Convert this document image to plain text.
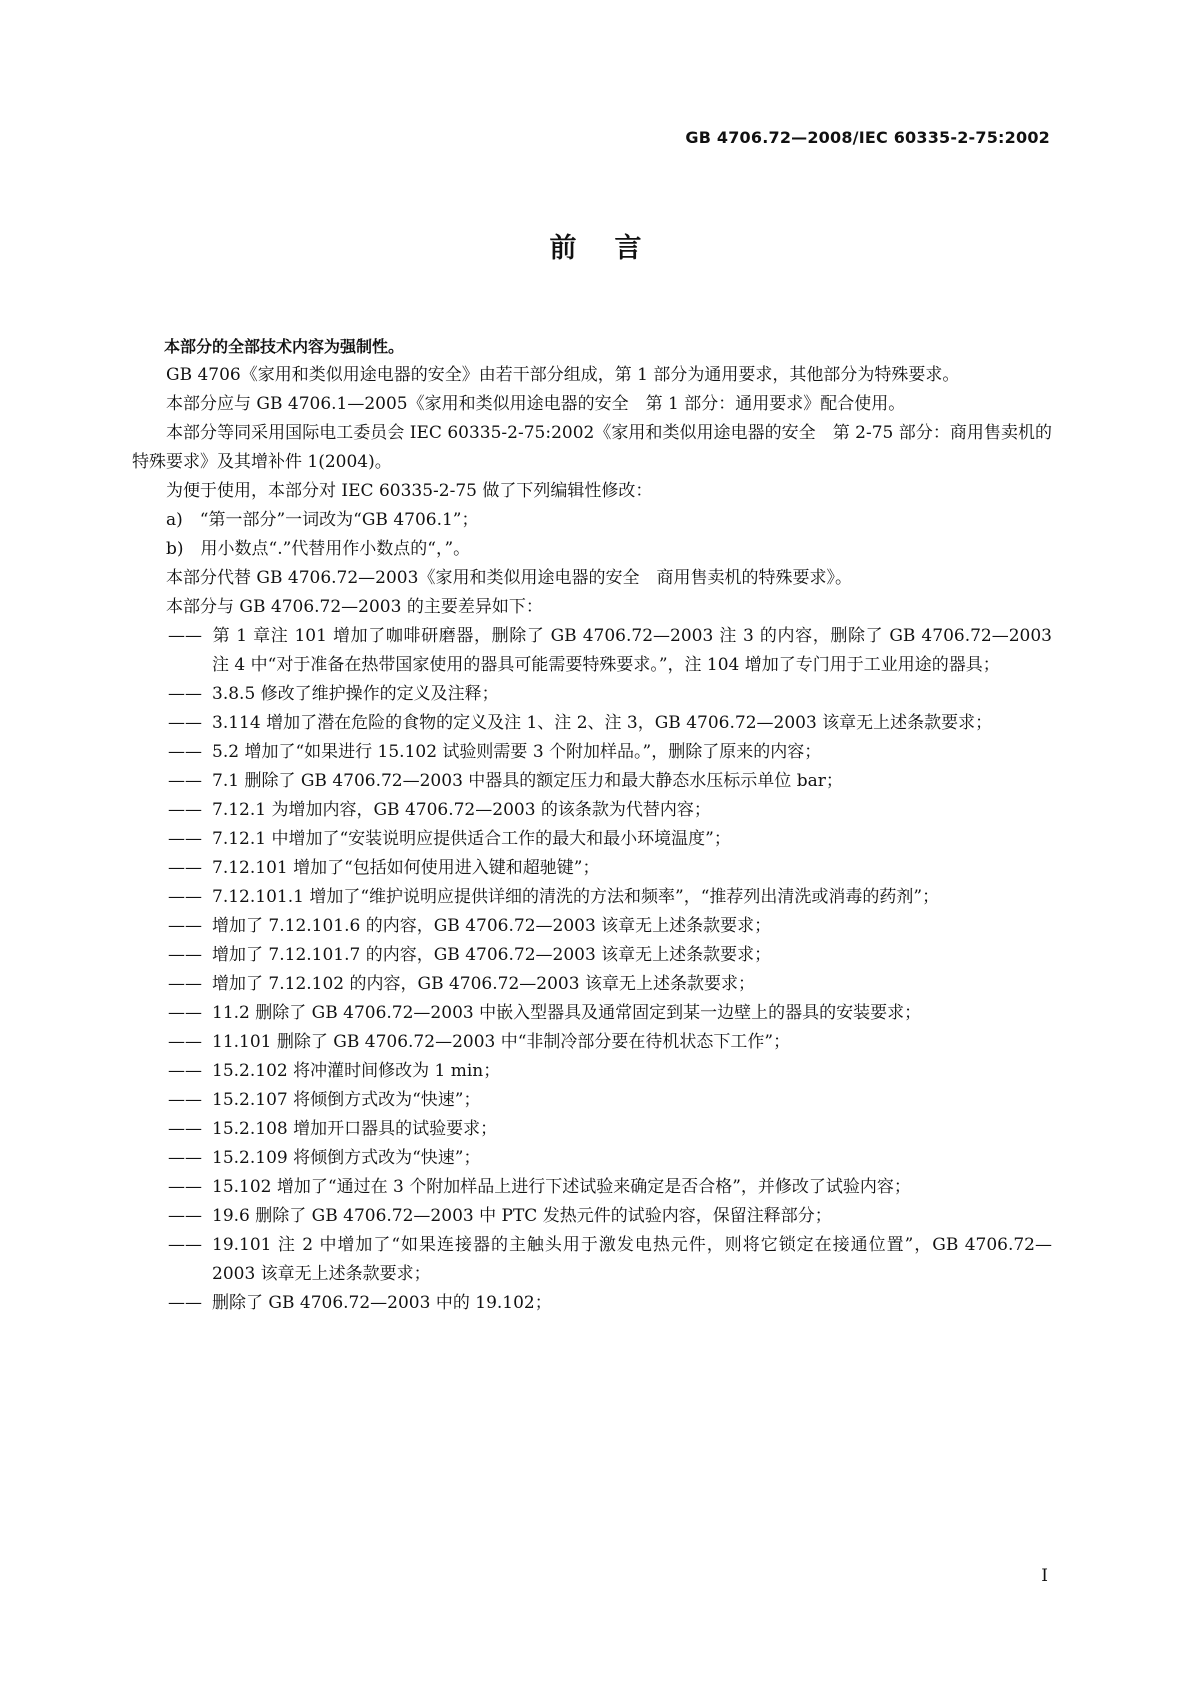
GB 4706.72—2008/IEC 60335-2-75:2002
前言

本部分的全部技术内容为强制性。

GB 4706《家用和类似用途电器的安全》由若干部分组成，第 1 部分为通用要求，其他部分为特殊要求。

本部分应与 GB 4706.1—2005《家用和类似用途电器的安全　第 1 部分：通用要求》配合使用。

本部分等同采用国际电工委员会 IEC 60335-2-75:2002《家用和类似用途电器的安全　第 2-75 部分：商用售卖机的特殊要求》及其增补件 1(2004)。

为便于使用，本部分对 IEC 60335-2-75 做了下列编辑性修改：

a)　“第一部分”一词改为“GB 4706.1”；

b)　用小数点“.”代替用作小数点的“，”。

本部分代替 GB 4706.72—2003《家用和类似用途电器的安全　商用售卖机的特殊要求》。

本部分与 GB 4706.72—2003 的主要差异如下：

—— 第 1 章注 101 增加了咖啡研磨器，删除了 GB 4706.72—2003 注 3 的内容，删除了 GB 4706.72—2003 注 4 中“对于准备在热带国家使用的器具可能需要特殊要求。”，注 104 增加了专门用于工业用途的器具；

—— 3.8.5 修改了维护操作的定义及注释；

—— 3.114 增加了潜在危险的食物的定义及注 1、注 2、注 3，GB 4706.72—2003 该章无上述条款要求；

—— 5.2 增加了“如果进行 15.102 试验则需要 3 个附加样品。”，删除了原来的内容；

—— 7.1 删除了 GB 4706.72—2003 中器具的额定压力和最大静态水压标示单位 bar；

—— 7.12.1 为增加内容，GB 4706.72—2003 的该条款为代替内容；

—— 7.12.1 中增加了“安装说明应提供适合工作的最大和最小环境温度”；

—— 7.12.101 增加了“包括如何使用进入键和超驰键”；

—— 7.12.101.1 增加了“维护说明应提供详细的清洗的方法和频率”，“推荐列出清洗或消毒的药剂”；

—— 增加了 7.12.101.6 的内容，GB 4706.72—2003 该章无上述条款要求；

—— 增加了 7.12.101.7 的内容，GB 4706.72—2003 该章无上述条款要求；

—— 增加了 7.12.102 的内容，GB 4706.72—2003 该章无上述条款要求；

—— 11.2 删除了 GB 4706.72—2003 中嵌入型器具及通常固定到某一边壁上的器具的安装要求；

—— 11.101 删除了 GB 4706.72—2003 中“非制冷部分要在待机状态下工作”；

—— 15.2.102 将冲灌时间修改为 1 min；

—— 15.2.107 将倾倒方式改为“快速”；

—— 15.2.108 增加开口器具的试验要求；

—— 15.2.109 将倾倒方式改为“快速”；

—— 15.102 增加了“通过在 3 个附加样品上进行下述试验来确定是否合格”，并修改了试验内容；

—— 19.6 删除了 GB 4706.72—2003 中 PTC 发热元件的试验内容，保留注释部分；

—— 19.101 注 2 中增加了“如果连接器的主触头用于激发电热元件，则将它锁定在接通位置”，GB 4706.72—2003 该章无上述条款要求；

—— 删除了 GB 4706.72—2003 中的 19.102；

I
